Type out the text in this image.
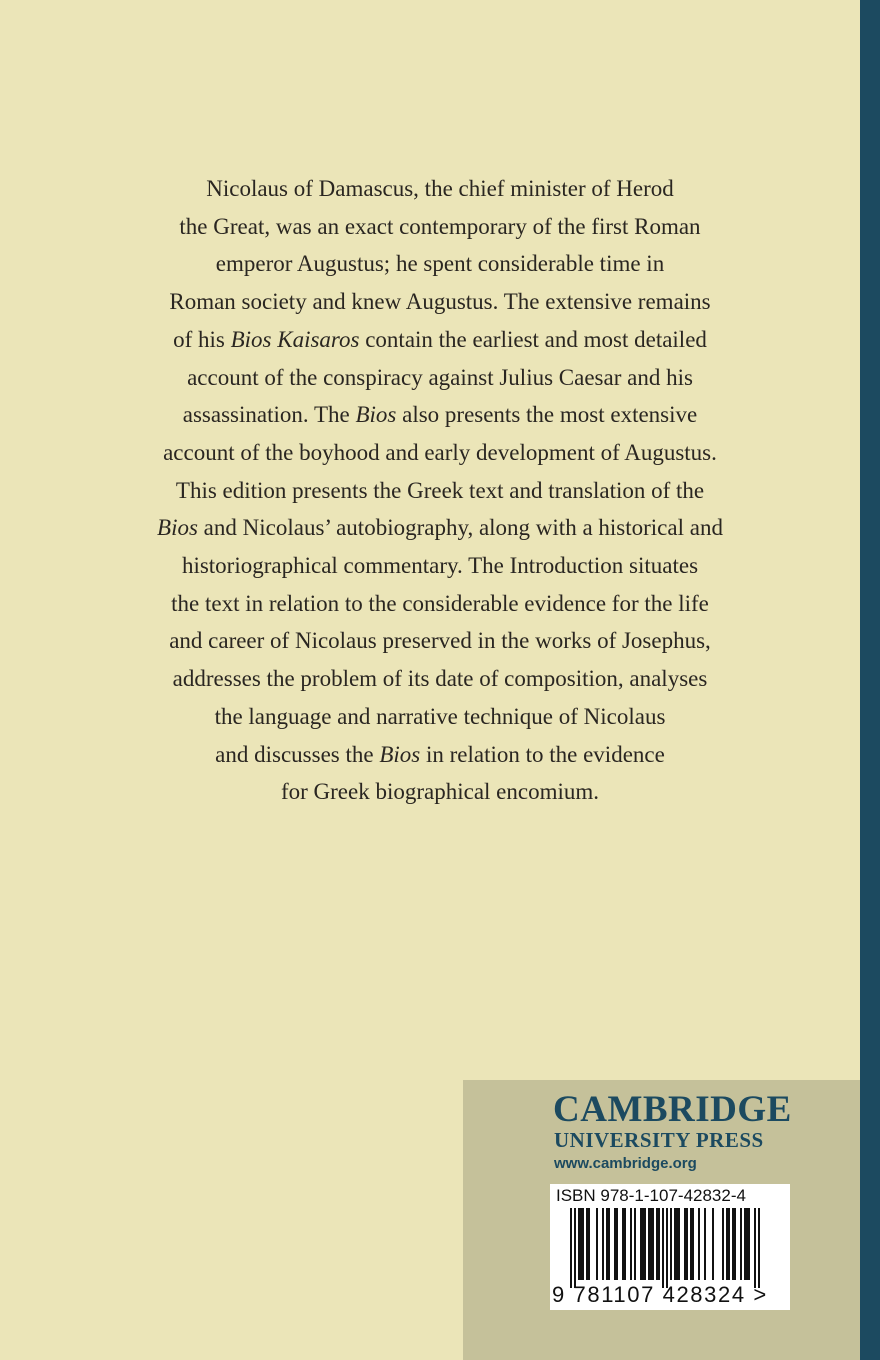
Nicolaus of Damascus, the chief minister of Herod
the Great, was an exact contemporary of the first Roman
emperor Augustus; he spent considerable time in
Roman society and knew Augustus. The extensive remains
of his Bios Kaisaros contain the earliest and most detailed
account of the conspiracy against Julius Caesar and his
assassination. The Bios also presents the most extensive
account of the boyhood and early development of Augustus.
This edition presents the Greek text and translation of the
Bios and Nicolaus’ autobiography, along with a historical and
historiographical commentary. The Introduction situates
the text in relation to the considerable evidence for the life
and career of Nicolaus preserved in the works of Josephus,
addresses the problem of its date of composition, analyses
the language and narrative technique of Nicolaus
and discusses the Bios in relation to the evidence
for Greek biographical encomium.

CAMBRIDGE
UNIVERSITY PRESS
www.cambridge.org
ISBN 978-1-107-42832-4
9 781107 428324 >
